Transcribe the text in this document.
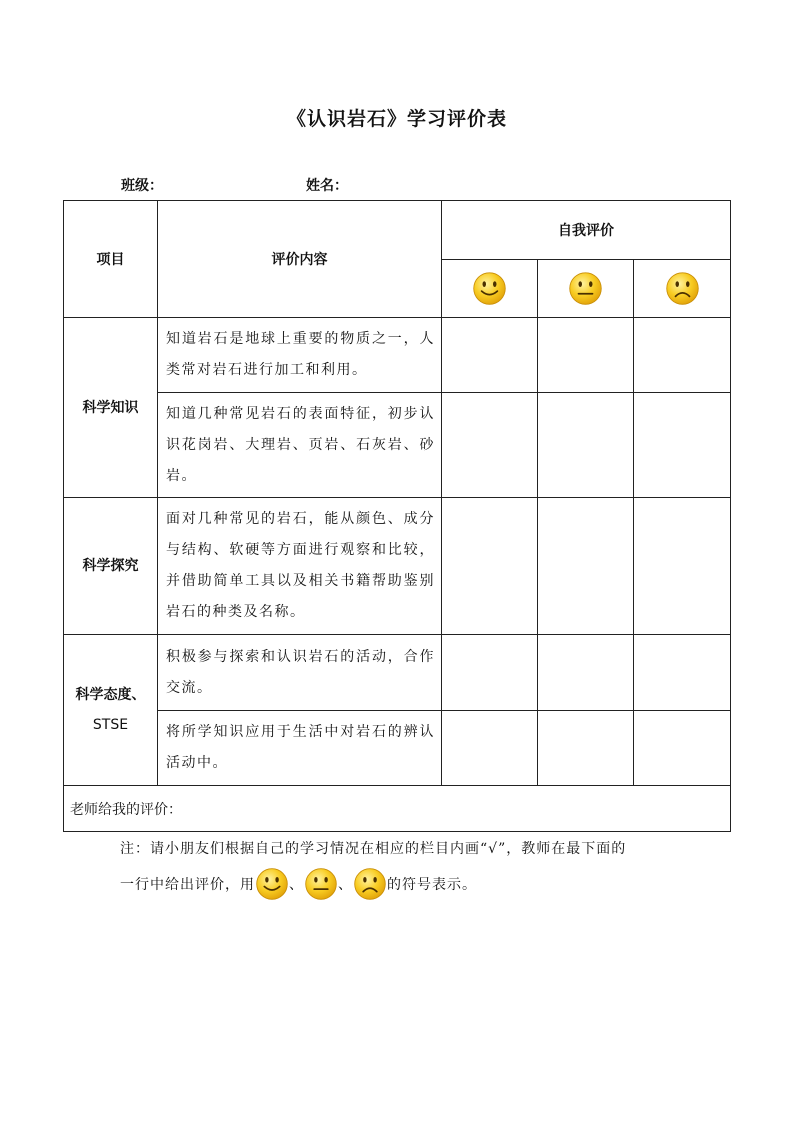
《认识岩石》学习评价表
班级：	姓名：
项目	评价内容	自我评价		

科学知识	知道岩石是地球上重要的物质之一，人类常对岩石进行加工和利用。			
	知道几种常见岩石的表面特征，初步认识花岗岩、大理岩、页岩、石灰岩、砂岩。			
科学探究	面对几种常见的岩石，能从颜色、成分与结构、软硬等方面进行观察和比较，并借助简单工具以及相关书籍帮助鉴别岩石的种类及名称。			

科学态度、
STSE	积极参与探索和认识岩石的活动，合作交流。			
	将所学知识应用于生活中对岩石的辨认活动中。			
老师给我的评价：				
注：请小朋友们根据自己的学习情况在相应的栏目内画“√”，教师在最下面的
一行中给出评价，用 、 、 的符号表示。
